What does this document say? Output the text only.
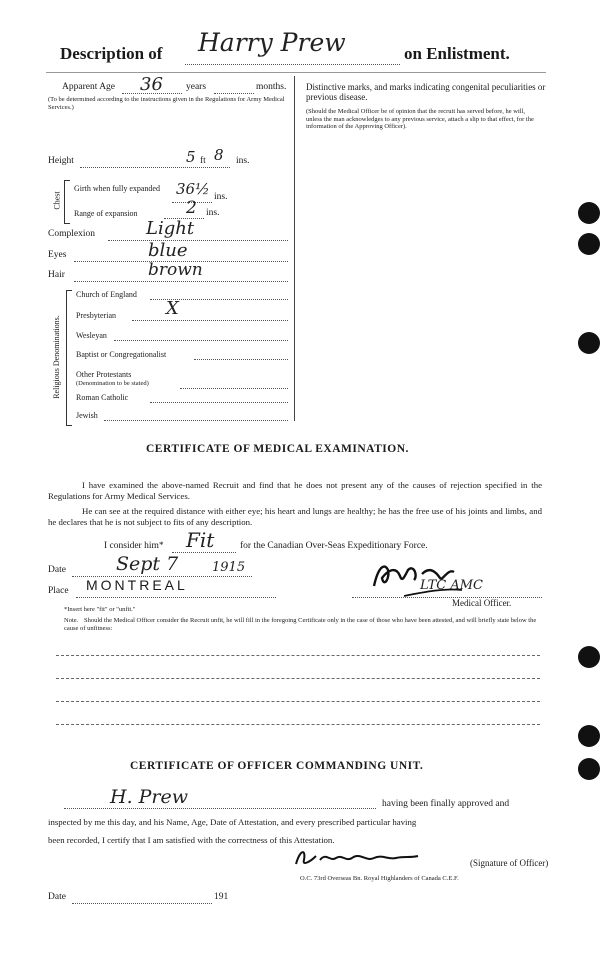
Description of Harry Prew	on Enlistment.
Apparent Age 36 years	months.
(To be determined according to the instructions given in the Regulations for Army Medical Services.)
Distinctive marks, and marks indicating congenital peculiarities or previous disease.
(Should the Medical Officer be of opinion that the recruit has served before, he will, unless the man acknowledges to any previous service, attach a slip to that effect, for the information of the Approving Officer).
Height	5 ft 8 ins.
Chest
Girth when fully expanded	36½ ins.
Range of expansion	2 ins.
Complexion	Light
Eyes	blue
Hair	brown
Religious Denominations.
Church of England
Presbyterian	X
Wesleyan
Baptist or Congregationalist
Other Protestants
(Denomination to be stated)
Roman Catholic
Jewish
CERTIFICATE OF MEDICAL EXAMINATION.
I have examined the above-named Recruit and find that he does not present any of the causes of rejection specified in the Regulations for Army Medical Services.
He can see at the required distance with either eye; his heart and lungs are healthy; he has the free use of his joints and limbs, and he declares that he is not subject to fits of any description.
I consider him* Fit	for the Canadian Over-Seas Expeditionary Force.
Date	Sept 7	1915
Place MONTREAL	LTC AMC
Medical Officer.
*Insert here "fit" or "unfit."
Note. Should the Medical Officer consider the Recruit unfit, he will fill in the foregoing Certificate only in the case of those who have been attested, and will briefly state below the cause of unfitness:
CERTIFICATE OF OFFICER COMMANDING UNIT.
H. Prew	having been finally approved and
inspected by me this day, and his Name, Age, Date of Attestation, and every prescribed particular having
been recorded, I certify that I am satisfied with the correctness of this Attestation.
(Signature of Officer)
O.C. 73rd Overseas Bn. Royal Highlanders of Canada C.E.F.
Date	191
